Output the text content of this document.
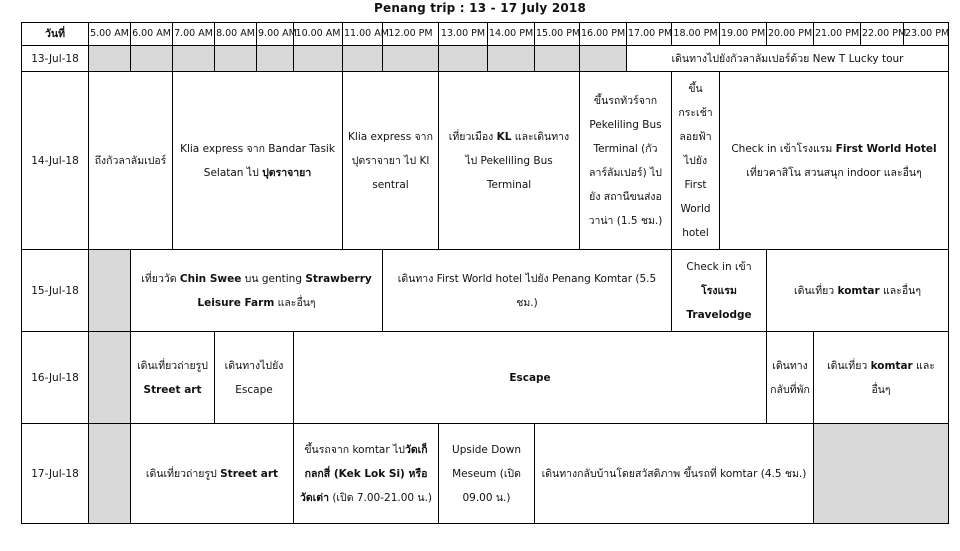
Penang trip : 13 - 17 July 2018
วันที่	5.00 AM	6.00 AM	7.00 AM	8.00 AM	9.00 AM	10.00 AM	11.00 AM	12.00 PM	13.00 PM	14.00 PM	15.00 PM	16.00 PM	17.00 PM	18.00 PM	19.00 PM	20.00 PM	21.00 PM	22.00 PM	23.00 PM
13-Jul-18													เดินทางไปยังกัวลาลัมเปอร์ด้วย New T Lucky tour						
14-Jul-18	ถึงกัวลาลัมเปอร์		Klia express จาก Bandar Tasik Selatan ไป ปุตราจายา				Klia express จาก ปุตราจายา ไป Kl sentral		เที่ยวเมือง KL และเดินทางไป Pekeliling Bus Terminal			ขึ้นรถทัวร์จาก Pekeliling Bus Terminal (กัวลาร์ลัมเปอร์) ไปยัง สถานีขนส่งอวาน่า (1.5 ชม.)		ขึ้นกระเช้าลอยฟ้าไปยัง First World hotel	Check in เข้าโรงแรม First World Hotel เที่ยวคาสิโน สวนสนุก indoor และอื่นๆ				
15-Jul-18		เที่ยววัด Chin Swee บน genting Strawberry Leisure Farm และอื่นๆ						เดินทาง First World hotel ไปยัง Penang Komtar (5.5 ชม.)						Check in เข้า โรงแรม Travelodge		เดินเที่ยว komtar และอื่นๆ			
16-Jul-18		เดินเที่ยวถ่ายรูป Street art		เดินทางไปยัง Escape		Escape										เดินทางกลับที่พัก	เดินเที่ยว komtar และอื่นๆ		
17-Jul-18		เดินเที่ยวถ่ายรูป Street art				ขึ้นรถจาก komtar ไปวัดเก็กลกสี่ (Kek Lok Si) หรือ วัดเต่า (เปิด 7.00-21.00 น.)			Upside Down Meseum (เปิด 09.00 น.)		เดินทางกลับบ้านโดยสวัสดิภาพ ขึ้นรถที่ komtar (4.5 ชม.)								
